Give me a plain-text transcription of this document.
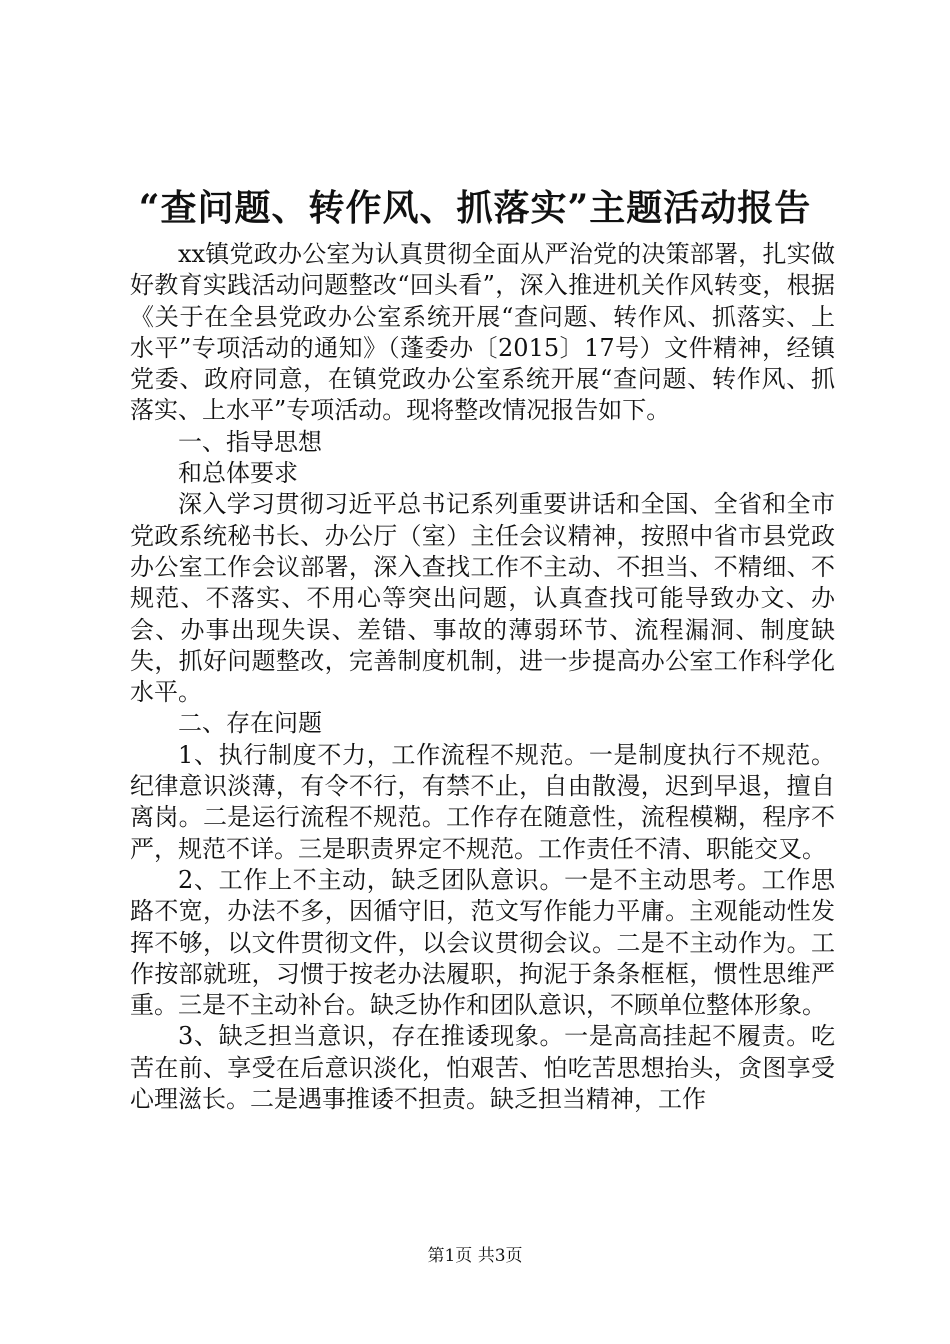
“查问题、转作风、抓落实”主题活动报告

xx镇党政办公室为认真贯彻全面从严治党的决策部署，扎实做好教育实践活动问题整改“回头看”，深入推进机关作风转变，根据《关于在全县党政办公室系统开展“查问题、转作风、抓落实、上水平”专项活动的通知》（蓬委办〔2015〕17号）文件精神，经镇党委、政府同意，在镇党政办公室系统开展“查问题、转作风、抓落实、上水平”专项活动。现将整改情况报告如下。

一、指导思想

和总体要求

深入学习贯彻习近平总书记系列重要讲话和全国、全省和全市党政系统秘书长、办公厅（室）主任会议精神，按照中省市县党政办公室工作会议部署，深入查找工作不主动、不担当、不精细、不规范、不落实、不用心等突出问题，认真查找可能导致办文、办会、办事出现失误、差错、事故的薄弱环节、流程漏洞、制度缺失，抓好问题整改，完善制度机制，进一步提高办公室工作科学化水平。

二、存在问题

1、执行制度不力，工作流程不规范。一是制度执行不规范。纪律意识淡薄，有令不行，有禁不止，自由散漫，迟到早退，擅自离岗。二是运行流程不规范。工作存在随意性，流程模糊，程序不严，规范不详。三是职责界定不规范。工作责任不清、职能交叉。

2、工作上不主动，缺乏团队意识。一是不主动思考。工作思路不宽，办法不多，因循守旧，范文写作能力平庸。主观能动性发挥不够，以文件贯彻文件，以会议贯彻会议。二是不主动作为。工作按部就班，习惯于按老办法履职，拘泥于条条框框，惯性思维严重。三是不主动补台。缺乏协作和团队意识，不顾单位整体形象。

3、缺乏担当意识，存在推诿现象。一是高高挂起不履责。吃苦在前、享受在后意识淡化，怕艰苦、怕吃苦思想抬头，贪图享受心理滋长。二是遇事推诿不担责。缺乏担当精神，工作

第1页 共3页
